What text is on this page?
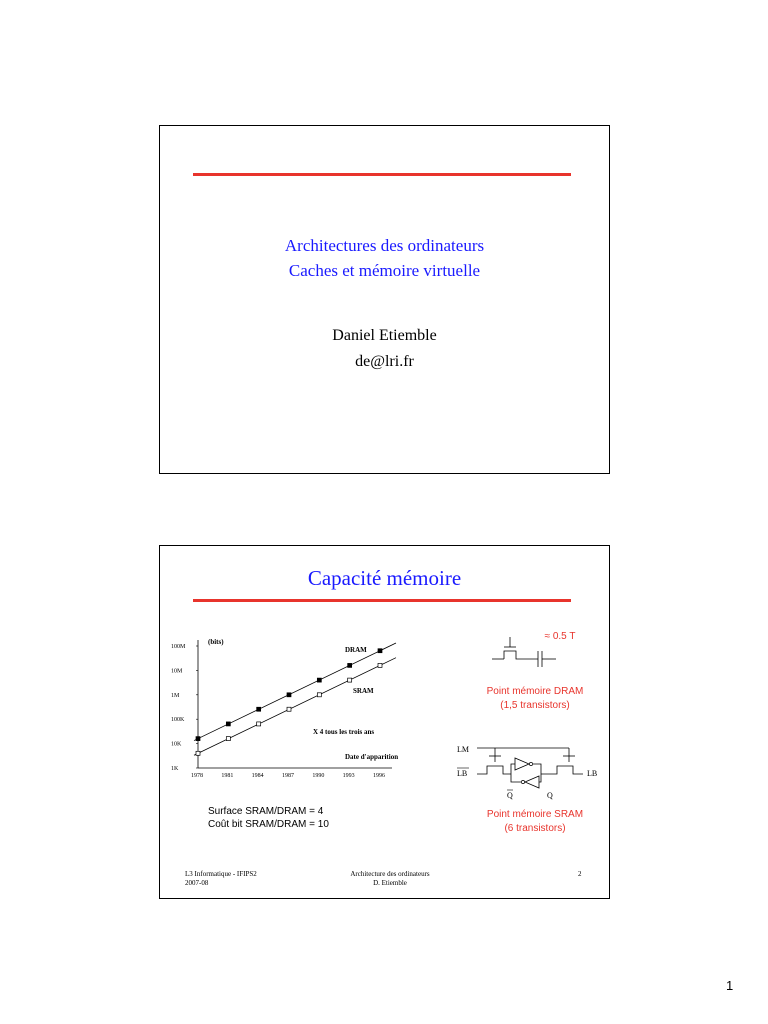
Architectures des ordinateurs
Caches et mémoire virtuelle
Daniel Etiemble
de@lri.fr
Capacité mémoire
1K
10K
100K
1M
10M
100M
1978	1981	1984	1987	1990	1993	1996
(bits)
Date d'apparition
X 4 tous les trois ans
DRAM
SRAM
≈ 0.5 T
Point mémoire DRAM
(1,5 transistors)
LM
LB	LB
Q	Q
Point mémoire SRAM
(6 transistors)
Surface SRAM/DRAM = 4
Coût bit SRAM/DRAM = 10
L3 Informatique - IFIPS2
2007-08
Architecture des ordinateurs
D. Etiemble
2
1
